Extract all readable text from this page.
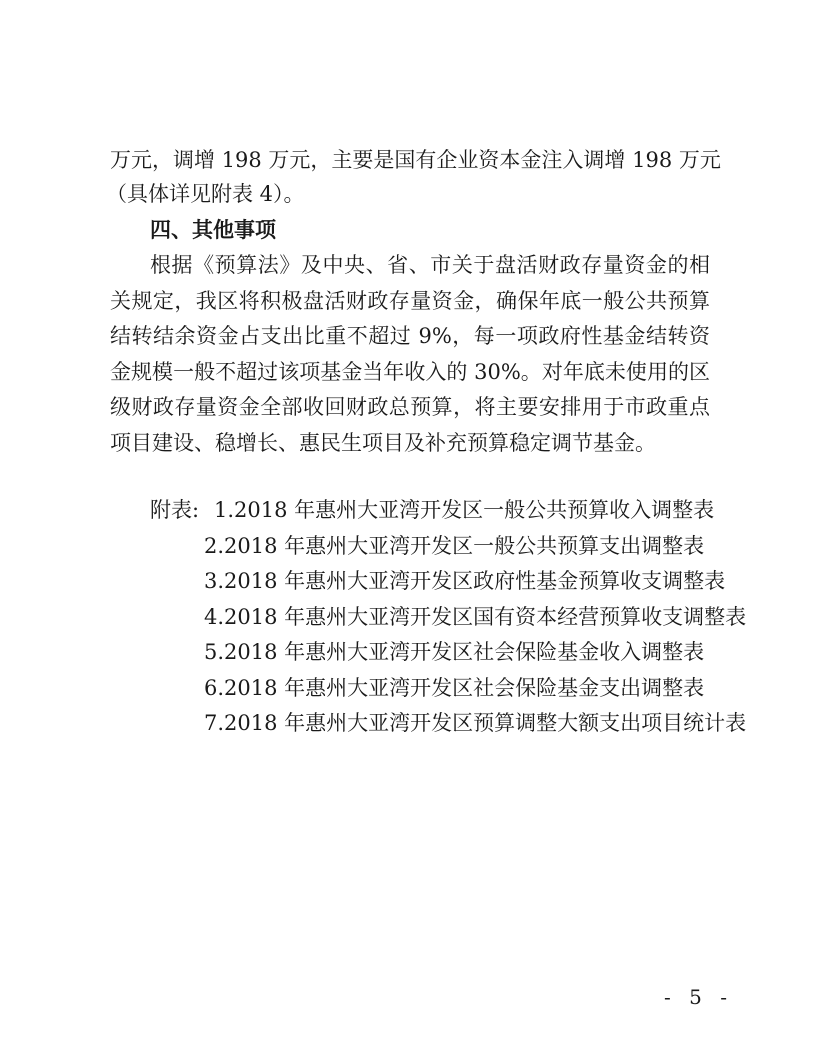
万元，调增 198 万元，主要是国有企业资本金注入调增 198 万元
（具体详见附表 4）。
四、其他事项
根据《预算法》及中央、省、市关于盘活财政存量资金的相
关规定，我区将积极盘活财政存量资金，确保年底一般公共预算
结转结余资金占支出比重不超过 9%，每一项政府性基金结转资
金规模一般不超过该项基金当年收入的 30%。对年底未使用的区
级财政存量资金全部收回财政总预算，将主要安排用于市政重点
项目建设、稳增长、惠民生项目及补充预算稳定调节基金。
附表: 1.2018 年惠州大亚湾开发区一般公共预算收入调整表
2.2018 年惠州大亚湾开发区一般公共预算支出调整表
3.2018 年惠州大亚湾开发区政府性基金预算收支调整表
4.2018 年惠州大亚湾开发区国有资本经营预算收支调整表
5.2018 年惠州大亚湾开发区社会保险基金收入调整表
6.2018 年惠州大亚湾开发区社会保险基金支出调整表
7.2018 年惠州大亚湾开发区预算调整大额支出项目统计表
- 5 -
